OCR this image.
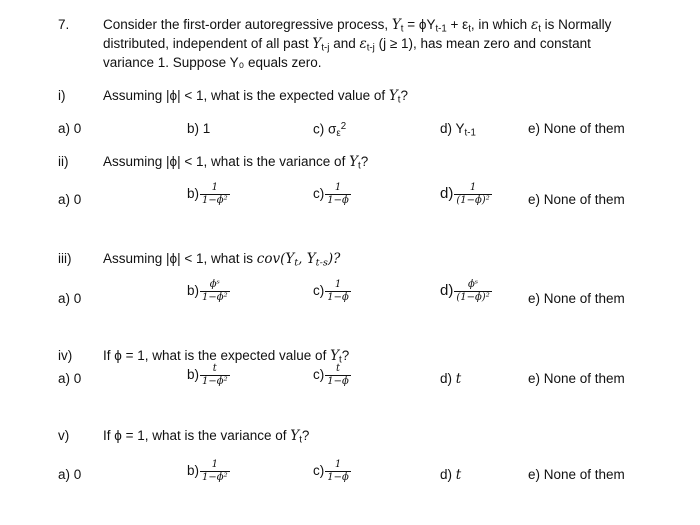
7. Consider the first-order autoregressive process, $Y_t = \phi Y_{t-1} + \varepsilon_t$, in which $\varepsilon_t$ is Normally
distributed, independent of all past $Y_{t-j}$ and $\varepsilon_{t-j}$ (j ≥ 1), has mean zero and constant
variance 1. Suppose Y₀ equals zero.
i)	Assuming |ϕ| < 1, what is the expected value of $Y_t$?
a) 0	b) 1	c) $\sigma_\varepsilon^2$	d) $Y_{t-1}$	e) None of them
ii)	Assuming |ϕ| < 1, what is the variance of $Y_t$?
a) 0	$b) \frac{1}{\text{1−ϕ²}}$	$c) \frac{1}{1-\phi}$	$d) \frac{1}{\text{(1−ϕ)²}}$	e) None of them
iii) Assuming |ϕ| < 1, what is $cov(Y_t$, $Y_{t-s}$)?
a) 0
$b) \frac{\text{ϕˢ}}{\text{1−ϕ²}}$	$c) \frac{1}{1-\phi}$	$d) \frac{\text{ϕˢ}}{\text{(1−ϕ)²}}$	e) None of them
iv) If ϕ = 1, what is the expected value of $Y_t$?
a) 0	$b) \frac{t}{\text{1−ϕ²}}$	$c) \frac{t}{1-\phi}$	d) t	e) None of them
v)	If ϕ = 1, what is the variance of $Y_t$?
a) 0	$b) \frac{1}{\text{1−ϕ²}}$	$c) \frac{1}{1-\phi}$	d) t	e) None of them
